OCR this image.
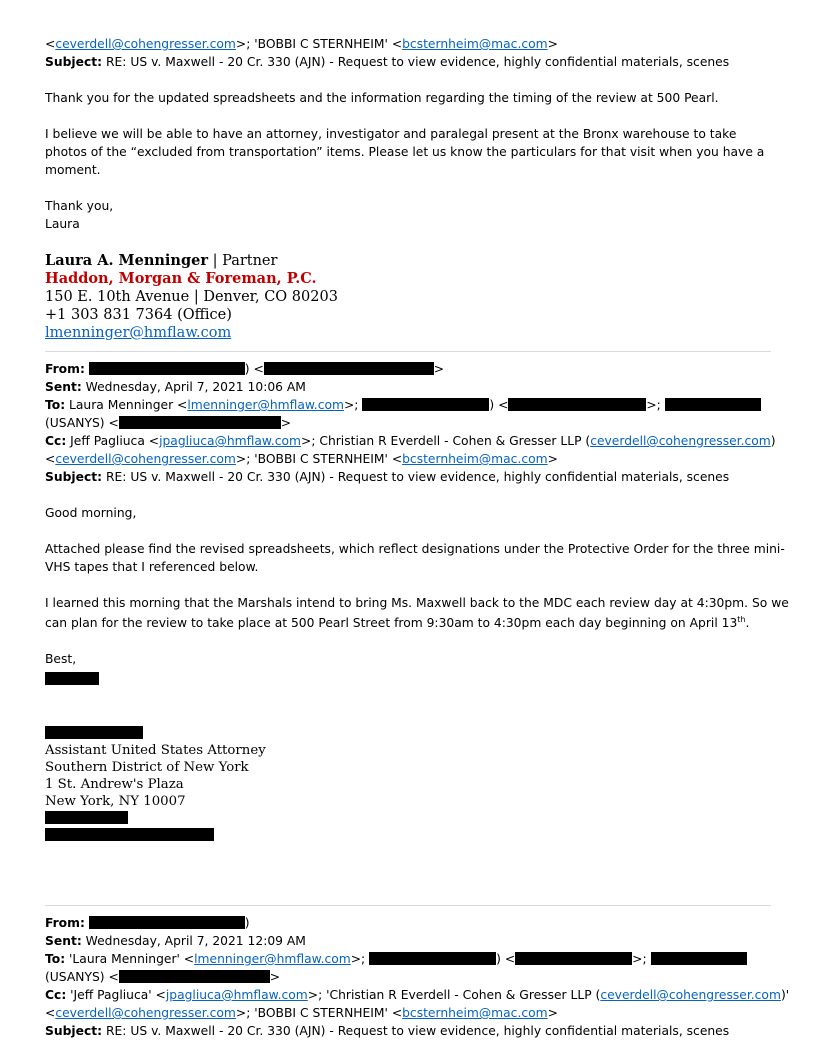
<ceverdell@cohengresser.com>; 'BOBBI C STERNHEIM' <bcsternheim@mac.com>
Subject: RE: US v. Maxwell - 20 Cr. 330 (AJN) - Request to view evidence, highly confidential materials, scenes
Thank you for the updated spreadsheets and the information regarding the timing of the review at 500 Pearl.
I believe we will be able to have an attorney, investigator and paralegal present at the Bronx warehouse to take photos of the “excluded from transportation” items. Please let us know the particulars for that visit when you have a moment.
Thank you,
Laura
Laura A. Menninger | Partner
Haddon, Morgan & Foreman, P.C.
150 E. 10th Avenue | Denver, CO 80203
+1 303 831 7364 (Office)
lmenninger@hmflaw.com
From:	) <	>
Sent: Wednesday, April 7, 2021 10:06 AM
To: Laura Menninger <lmenninger@hmflaw.com>;	) <	>;
(USANYS) <	>
Cc: Jeff Pagliuca <jpagliuca@hmflaw.com>; Christian R Everdell - Cohen & Gresser LLP (ceverdell@cohengresser.com)
<ceverdell@cohengresser.com>; 'BOBBI C STERNHEIM' <bcsternheim@mac.com>
Subject: RE: US v. Maxwell - 20 Cr. 330 (AJN) - Request to view evidence, highly confidential materials, scenes
Good morning,
Attached please find the revised spreadsheets, which reflect designations under the Protective Order for the three mini-
VHS tapes that I referenced below.
I learned this morning that the Marshals intend to bring Ms. Maxwell back to the MDC each review day at 4:30pm. So we
can plan for the review to take place at 500 Pearl Street from 9:30am to 4:30pm each day beginning on April 13th.
Best,
Assistant United States Attorney
Southern District of New York
1 St. Andrew's Plaza
New York, NY 10007
From:	)
Sent: Wednesday, April 7, 2021 12:09 AM
To: 'Laura Menninger' <lmenninger@hmflaw.com>;	) <	>;
(USANYS) <	>
Cc: 'Jeff Pagliuca' <jpagliuca@hmflaw.com>; 'Christian R Everdell - Cohen & Gresser LLP (ceverdell@cohengresser.com)'
<ceverdell@cohengresser.com>; 'BOBBI C STERNHEIM' <bcsternheim@mac.com>
Subject: RE: US v. Maxwell - 20 Cr. 330 (AJN) - Request to view evidence, highly confidential materials, scenes
